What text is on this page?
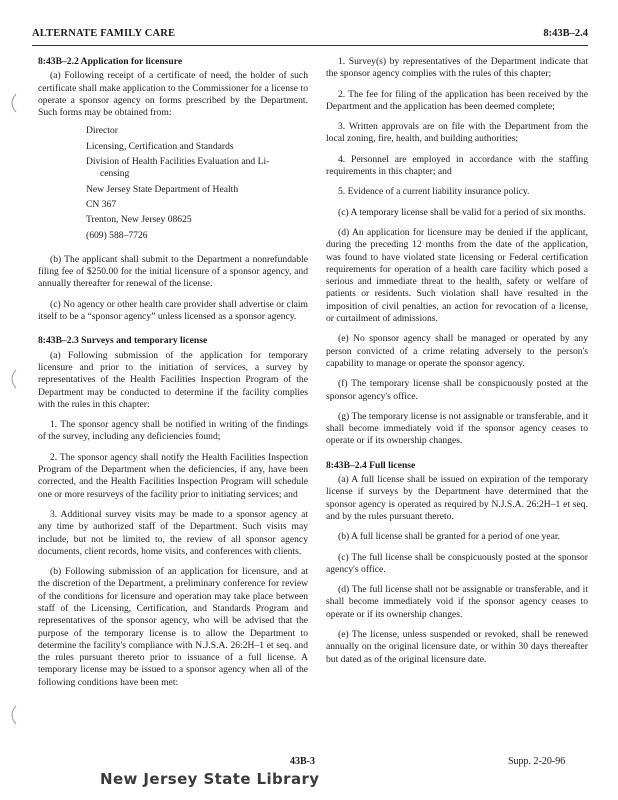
ALTERNATE FAMILY CARE	8:43B–2.4
8:43B–2.2 Application for licensure

(a) Following receipt of a certificate of need, the holder of such certificate shall make application to the Commissioner for a license to operate a sponsor agency on forms prescribed by the Department. Such forms may be obtained from:

Director
Licensing, Certification and Standards
Division of Health Facilities Evaluation and Li-
censing
New Jersey State Department of Health
CN 367
Trenton, New Jersey 08625
(609) 588–7726

(b) The applicant shall submit to the Department a nonrefundable filing fee of $250.00 for the initial licensure of a sponsor agency, and annually thereafter for renewal of the license.

(c) No agency or other health care provider shall advertise or claim itself to be a “sponsor agency” unless licensed as a sponsor agency.

8:43B–2.3 Surveys and temporary license

(a) Following submission of the application for temporary licensure and prior to the initiation of services, a survey by representatives of the Health Facilities Inspection Program of the Department may be conducted to determine if the facility complies with the rules in this chapter:

1. The sponsor agency shall be notified in writing of the findings of the survey, including any deficiencies found;

2. The sponsor agency shall notify the Health Facilities Inspection Program of the Department when the deficiencies, if any, have been corrected, and the Health Facilities Inspection Program will schedule one or more resurveys of the facility prior to initiating services; and

3. Additional survey visits may be made to a sponsor agency at any time by authorized staff of the Department. Such visits may include, but not be limited to, the review of all sponsor agency documents, client records, home visits, and conferences with clients.

(b) Following submission of an application for licensure, and at the discretion of the Department, a preliminary conference for review of the conditions for licensure and operation may take place between staff of the Licensing, Certification, and Standards Program and representatives of the sponsor agency, who will be advised that the purpose of the temporary license is to allow the Department to determine the facility's compliance with N.J.S.A. 26:2H–1 et seq. and the rules pursuant thereto prior to issuance of a full license. A temporary license may be issued to a sponsor agency when all of the following conditions have been met:

1. Survey(s) by representatives of the Department indicate that the sponsor agency complies with the rules of this chapter;

2. The fee for filing of the application has been received by the Department and the application has been deemed complete;

3. Written approvals are on file with the Department from the local zoning, fire, health, and building authorities;

4. Personnel are employed in accordance with the staffing requirements in this chapter; and

5. Evidence of a current liability insurance policy.

(c) A temporary license shall be valid for a period of six months.

(d) An application for licensure may be denied if the applicant, during the preceding 12 months from the date of the application, was found to have violated state licensing or Federal certification requirements for operation of a health care facility which posed a serious and immediate threat to the health, safety or welfare of patients or residents. Such violation shall have resulted in the imposition of civil penalties, an action for revocation of a license, or curtailment of admissions.

(e) No sponsor agency shall be managed or operated by any person convicted of a crime relating adversely to the person's capability to manage or operate the sponsor agency.

(f) The temporary license shall be conspicuously posted at the sponsor agency's office.

(g) The temporary license is not assignable or transferable, and it shall become immediately void if the sponsor agency ceases to operate or if its ownership changes.

8:43B–2.4 Full license

(a) A full license shall be issued on expiration of the temporary license if surveys by the Department have determined that the sponsor agency is operated as required by N.J.S.A. 26:2H–1 et seq. and by the rules pursuant thereto.

(b) A full license shall be granted for a period of one year.

(c) The full license shall be conspicuously posted at the sponsor agency's office.

(d) The full license shall not be assignable or transferable, and it shall become immediately void if the sponsor agency ceases to operate or if its ownership changes.

(e) The license, unless suspended or revoked, shall be renewed annually on the original licensure date, or within 30 days thereafter but dated as of the original licensure date.

43B-3	Supp. 2-20-96
New Jersey State Library
